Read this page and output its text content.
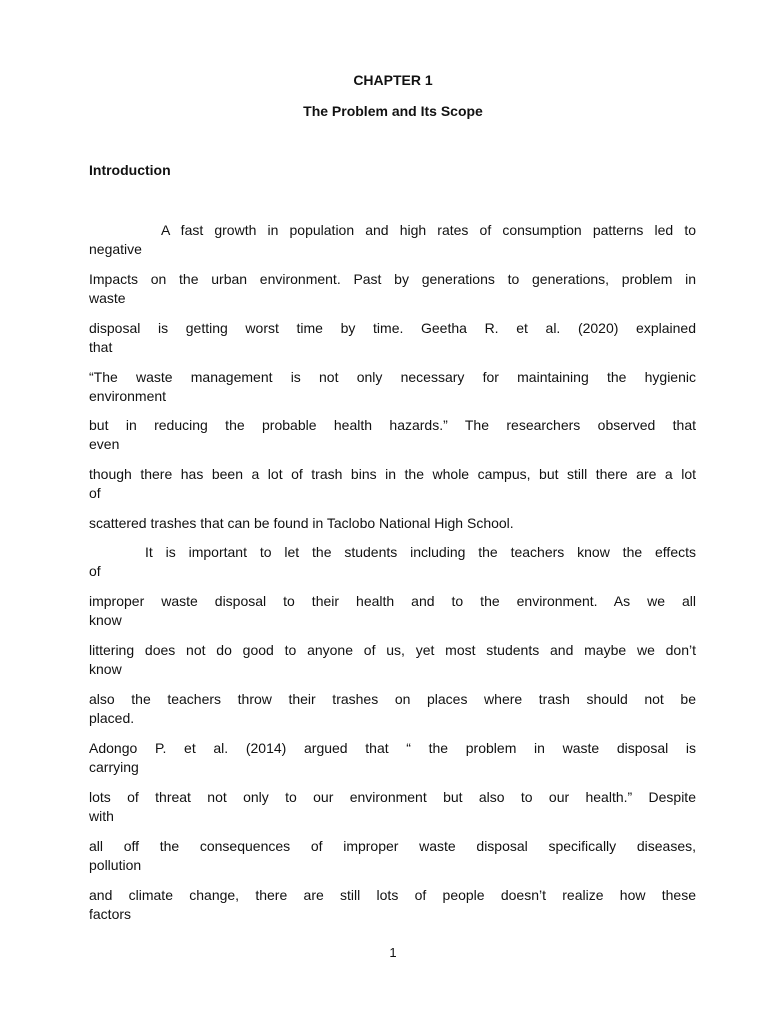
CHAPTER 1
The Problem and Its Scope
Introduction
A fast growth in population and high rates of consumption patterns led to
negative
Impacts on the urban environment. Past by generations to generations, problem in
waste
disposal is getting worst time by time. Geetha R. et al. (2020) explained
that
“The waste management is not only necessary for maintaining the hygienic
environment
but in reducing the probable health hazards.” The researchers observed that
even
though there has been a lot of trash bins in the whole campus, but still there are a lot
of
scattered trashes that can be found in Taclobo National High School.
It is important to let the students including the teachers know the effects
of
improper waste disposal to their health and to the environment. As we all
know
littering does not do good to anyone of us, yet most students and maybe we don’t
know
also the teachers throw their trashes on places where trash should not be
placed.
Adongo P. et al. (2014) argued that “ the problem in waste disposal is
carrying
lots of threat not only to our environment but also to our health.” Despite
with
all off the consequences of improper waste disposal specifically diseases,
pollution
and climate change, there are still lots of people doesn’t realize how these
factors
1
